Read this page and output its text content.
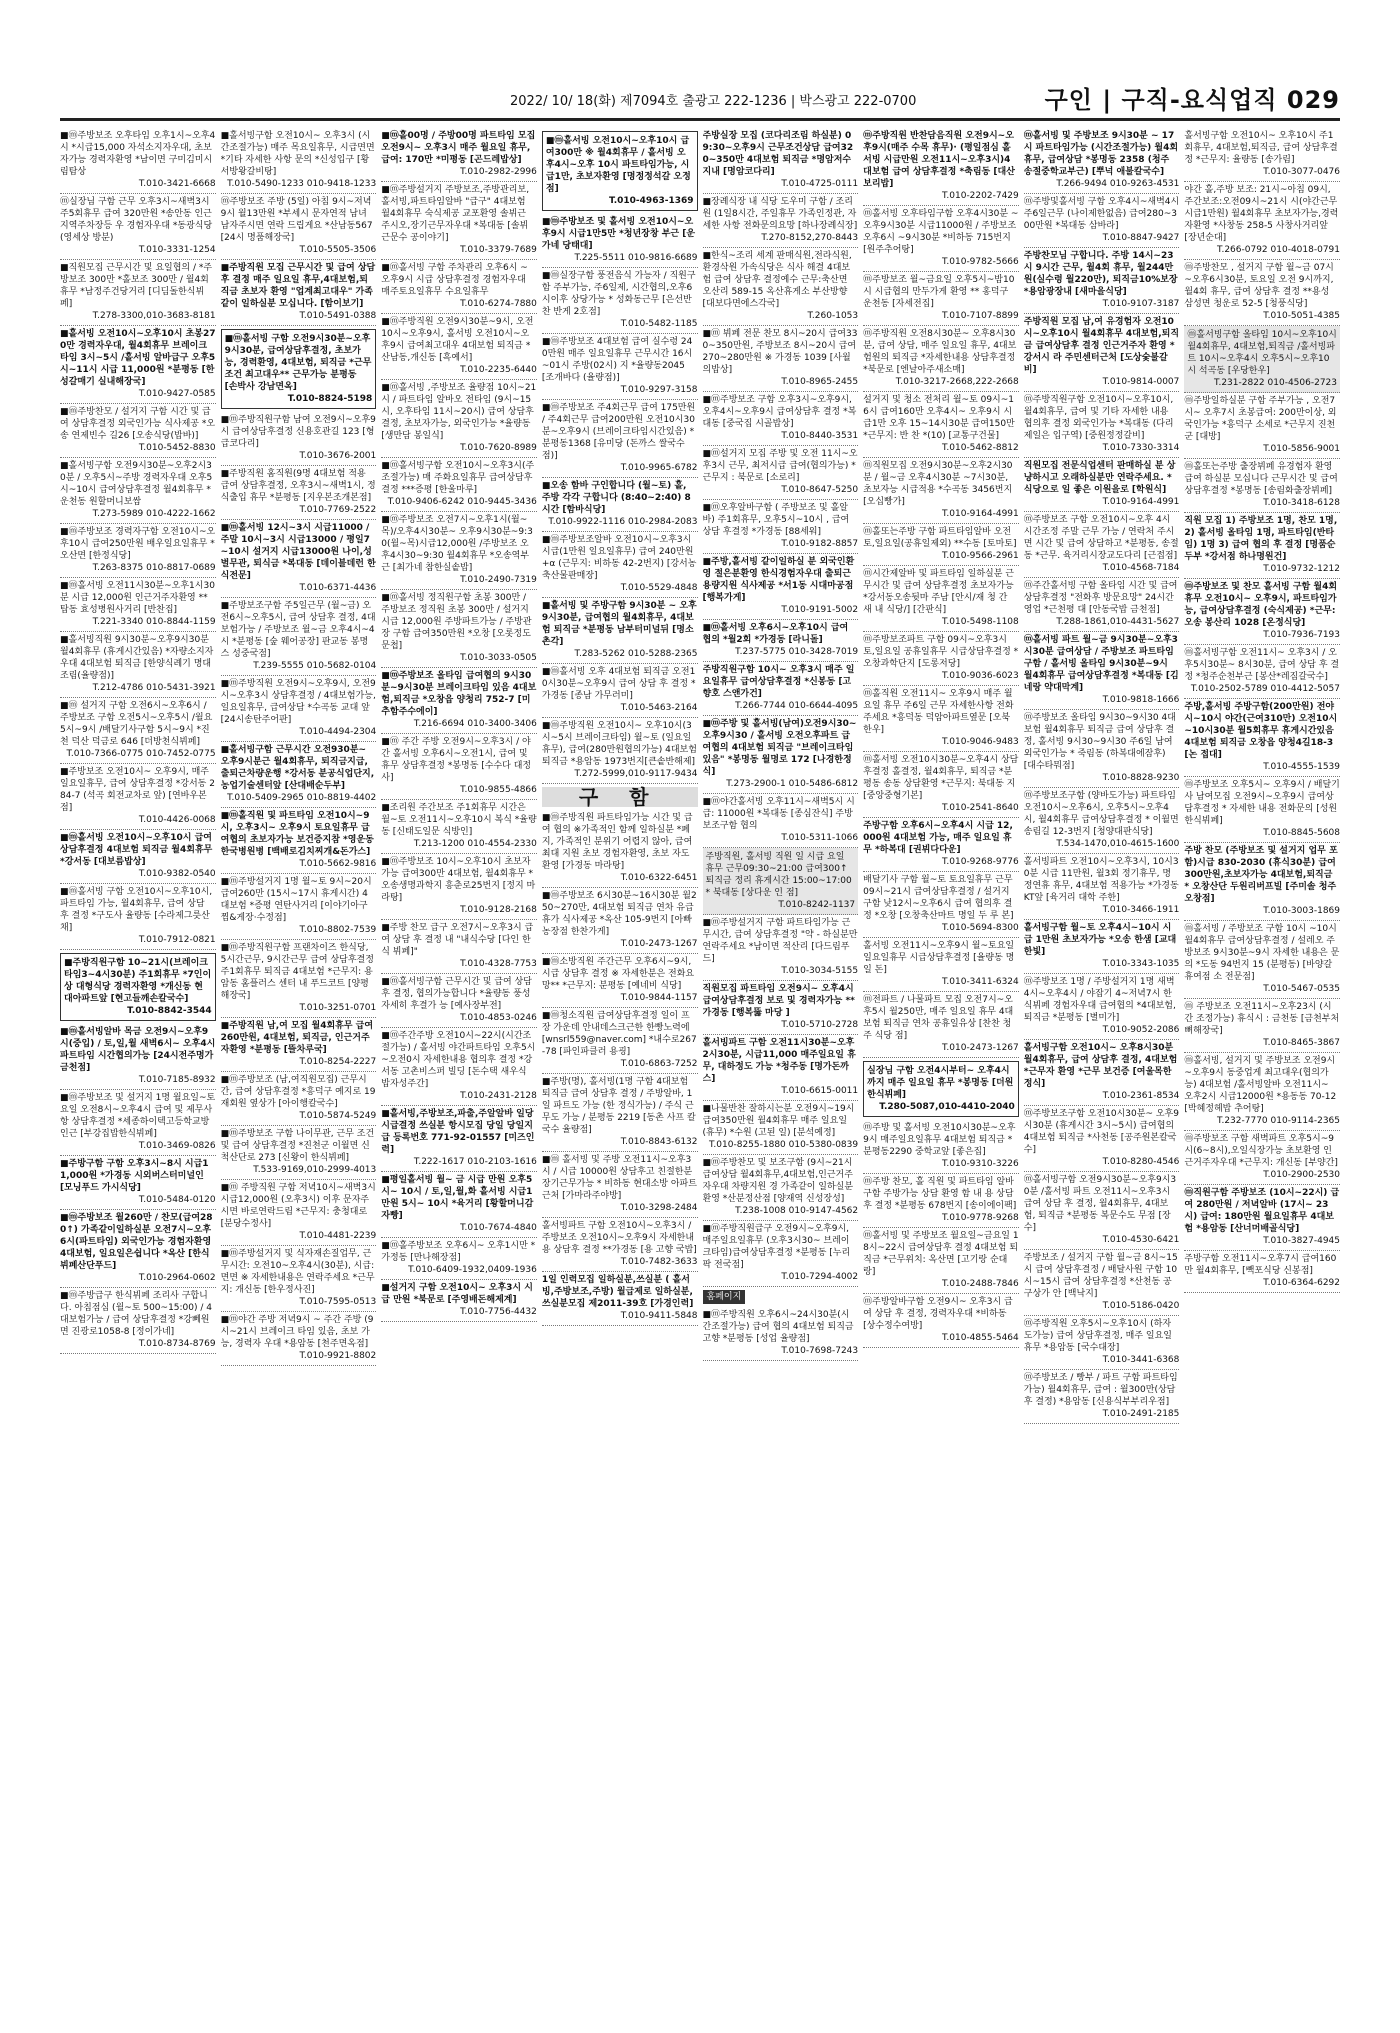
2022/ 10/ 18(화) 제7094호 출광고 222-1236 | 박스광고 222-0700	구인 | 구직-요식업직 029
■ⓜ주방보조 오후타임 오후1시~오후4시 *시급15,000 자석소지자우대, 초보자가능 경력자환영 *남이면 구미김미시림탐상
T.010-3421-6668
ⓜ실장님 구함 근무 오후3시~새벽3시 주5회휴무 급여 320만원 *송안동 인근지역주차장등 우 경험자우대 *동광식당 (영세상 방분)
T.010-3331-1254
■직원모집 근무시간 및 요일협의 / *주방보조 300만 *홀보조 300만 / 월4회휴무 *남정주건당거리 [디딤돌한식뷔페]
T.278-3300,010-3683-8181
■홀서빙 오전10시~오후10시 초봉270만 경력자우대, 월4회휴무 브레이크타임 3시~5시 /홀서빙 알바급구 오후5시~11시 시급 11,000원 *분평동 [한성갈매기 실내해장국]
T.010-9427-0585
■ⓜ주방찬모 / 설거지 구함 시간 및 급여 상담후결정 외국인가능 식사제공 *오송 연제빈수 길26 [오송식당(밥바)]
T.010-5452-8830
■홀서빙구함 오전9시30분~오후2시30분 / 오후5시~주방 경력자우대 오후5시~10시 급여상담후결정 월4회휴무 *운천동 원할머니보쌈
T.273-5989 010-4222-1662
■ⓜ주방보조 경력자구함 오전10시~오후10시 급여250만원 배우일요일휴무 *오산면 [한정식당]
T.263-8375 010-8817-0689
■ⓜ홀서빙 오전11시30분~오후1시30분 시급 12,000원 인근거주자환영 **탑동 효성병원사거리 [반찬집]
T.221-3340 010-8844-1159
■홀서빙직원 9시30분~오후9시30분 월4회휴무 (휴게시간있음) *자량소지자 우대 4대보험 퇴직금 [한양식례기 명대조림(율량점)]
T.212-4786 010-5431-3921
■ⓜ 설거지 구함 오전6시~오후6시 / 주방보조 구함 오전5시~오후5시 /월요 5시~9시 /배달기사구함 5시~9시 *진천 덕산 덕금로 646 [더방천식뷔페]
T.010-7366-0775 010-7452-0775
■주방보조 오전10시~ 오후9시, 매주 일요일휴무, 급여 상담후결정 *강서동 284-7 (석곡 회전교차로 앞) [연바우본점]
T.010-4426-0068
■ⓜ홀서빙 오전10시~오후10시 급여상담후결정 4대보험 퇴직금 월4회휴무 *강서동 [대보름밥상]
T.010-9382-0540
■ⓜ홀서빙 구함 오전10시~오후10시, 파트타임 가능, 월4회휴무, 급여 상담 후 결정 *구도사 율량동 [수라제그릇산채]
T.010-7912-0821
■주방직원구함 10~21시(브레이크타임3~4시30분) 주1회휴무 *7인이상 대형식당 경력자환영 *개신동 현대아파트앞 [현고들깨손칼국수]
T.010-8842-3544
■ⓜ홀서빙알바 목금 오전9시~오후9시(중입) / 토,일,월 새벽6시~ 오후4시 파트타임 시간협의가능 [24시전주명가 금천점]
T.010-7185-8932
■ⓜ주방보조 및 설거지 1명 월요일~토요일 오전8시~오후4시 급여 및 제무사항 상담후결정 *세종하이텍고등학교방 인근 [부강집밥한식뷔페]
T.010-3469-0826
■주방구함 구함 오후3시~8시 시급11,000원 *가경동 시외버스터미널인 [모닝푸드 가시식당]
T.010-5484-0120
■ⓜ주방보조 월260만 / 찬모(급여280↑) 가족같이일하실분 오전7시~오후6시(파트타임) 외국인가능 경험자환영 4대보험, 일요일은쉽니다 *옥산 [한식뷔페산단푸드]
T.010-2964-0602
■ⓜ주방급구 한식뷔페 조리사 구합니다. 아침점심 (월~토 500~15:00) / 4대보험가능 / 급여 상담후결정 *강뻬원면 진광로1058-8 [정이가네]
T.010-8734-8769
■홀서빙구함 오전10시~ 오후3시 (시간조절가능) 매주 목요일휴무, 시급면면 *기타 자세한 사항 문의 *신성입구 [황서방왕갈비탕]
T.010-5490-1233 010-9418-1233
ⓜ주방보조 주방 (5일) 아침 9시~저녁9시 월13만원 *부세시 문자연적 남녀 남자주시면 연락 드립게요 *산남동567 [24시 명품해장국]
T.010-5505-3506
■주방직원 모집 근무시간 및 급여 상담후 결정 매주 일요일 휴무,4대보험,퇴직금 초보자 환영 "업계최고대우" 가족같이 일하실분 모십니다. [함이보기]
T.010-5491-0388
■ⓜ홀서빙 구함 오전9시30분~오후9시30분, 급여상담후결정, 초보가능, 경력환영, 4대보험, 퇴직금 *근무조건 최고대우** 근무가능 분평동 [손박사 강남면옥]
T.010-8824-5198
■ⓜ주방직원구함 남여 오전9시~오후9시 급여상담후결정 신용호관길 123 [형급코다리]
T.010-3676-2001
■주방직원 홈직원(9명 4대보험 적용 급여 상담후결정, 오후3시~새벽1시, 정식출입 휴무 *분평동 [지우본조개본점]
T.010-7769-2522
■ⓜ홀서빙 12시~3시 시급11000 / 주말 10시~3시 시급13000 / 평일7~10시 설거지 시급13000원 나이,성별무관, 퇴식금 *복대동 [데이블데런 한식전문]
T.010-6371-4436
■주방보조구함 주5일근무 (월~금) 오전6시~오후5시, 급여 상담후 결정, 4대보험가능 / 주방보조 월~금 오후4시~4시 *분평동 [숲 웨어공장] 판교동 봉명스 성중국점]
T.239-5555 010-5682-0104
■ⓜ주방직원 오전9시~오후9시, 오전9시~오후3시 상담후결정 / 4대보험가능, 일요일휴무, 급여상담 *수곡동 교대 앞 [24시송탄주어판]
T.010-4494-2304
■홀서빙구함 근무시간 오전930분~ 오후9시분근 월4회휴무, 퇴직금지급, 출퇴근차량운행 *강서동 분공식업단지, 농업기술센터앞 [산대배순두부]
T.010-5409-2965 010-8819-4402
■ⓜ홀직원 및 파트타임 오전10시~9시, 오후3시~ 오후9시 토요일휴무 급여협의 초보자가능 보건증지참 *영운동 한국병원병 [백배로김치찌개&돈가스]
T.010-5662-9816
■ⓜ주방설거지 1명 월~토 9시~20시 급여260만 (15시~17시 휴게시간) 4대보험 *증평 연탄사거리 [이야기아구찜&게장·수정점]
T.010-8802-7539
■ⓜ주방직원구함 프랜차이즈 한식당, 5시간근무, 9시간근무 급여 상담후결정 주1회휴무 퇴직금 4대보험 *근무지: 용암동 홈플러스 센터 내 푸드코트 [양평해장국]
T.010-3251-0701
■주방직원 남,여 모집 월4회휴무 급여 260만원, 4대보험, 퇴직금, 인근거주자환영 *분평동 [뜰차루국]
T.010-8254-2227
■ⓜ주방보조 (남,여직원모집) 근무시간, 급여 상담후결정 *흥덕구 예지로 19 재회원 옆상가 [아이행칼국수]
T.010-5874-5249
■ⓜ주방보조 구함 나이무관, 근무 조건 및 급여 상담후결정 *진천군 이월면 신척산단로 273 [신왕이 한식뷔페]
T.533-9169,010-2999-4013
■ⓜ 주방직원 구함 저녁10시~새벽3시 시급12,000원 (오후3시) 이후 문자주시면 바로연락드림 *근무지: 충청대로 [분당수정사]
T.010-4481-2239
■ⓜ주방설거지 및 식자재손질업무, 근무시간: 오전10~오후4시(30분), 시급: 면면 ※ 자세한내용은 연락주세요 *근무지: 개신동 [한우정사진]
T.010-7595-0513
■ⓜ야간 주방 저녁9시 ~ 주간 주방 (9시~21시 브레이크 타임 있음, 초보 가능, 경력자 우대 *용암동 [천주면옥점]
T.010-9921-8802
■ⓜ홀00명 / 주방00명 파트타임 모집 오전9시~ 오후3시 매주 월요일 휴무, 급여: 170만 *미평동 [곤드레밥상]
T.010-2982-2996
■ⓜ주방설거지 주방보조,주방관리보,홀서빙,파트타임알바 "급구" 4대보험 월4회휴무 숙식제공 교포환영 솔뷔근 주시오,장기근무자우대 *복대동 [솔뷔근문수 공이야기]
T.010-3379-7689
■ⓜ홀서빙 구함 주차관리 오후6시 ~ 오후9시 시급 상담후결정 경험자우대 매주토요일휴무 수요일휴무
T.010-6274-7880
■ⓜ주방직원 오전9시30분~9시, 오전10시~오후9시, 홀서빙 오전10시~오후9시 급여최고대우 4대보험 퇴직금 *산남동,개신동 [흑예서]
T.010-2235-6440
■ⓜ홀서빙 ,주방보조 율량점 10시~21시 / 파트타임 알바오 전타임 (9시~15시, 오후타임 11시~20시) 급여 상담후결정, 초보자가능, 외국인가능 *율량동 [생만담 봉일식]
T.010-7620-8989
■ⓜ홀서빙구함 오전10시~오후3시(주조절가능) 매 주화요일휴무 급여상담후결정 ***증평 [한울마루]
T.010-9406-6242 010-9445-3436
■ⓜ주방보조 오전7시~오후1시(월~목)/오후4시30분~ 오후9시30분~9:30(월~목)시급12,000원 /주방보조 오후4시30~9:30 월4회휴무 *오송역부근 [최가네 참한실솥밥]
T.010-2490-7319
■ⓜ홀서빙 정직원구함 초봉 300만 / 주방보조 정직원 초봉 300만 / 설거지 시급 12,000원 주방파트가능 / 주방관장 구함 급여350만원 *오창 [오롯정도문첩]
T.010-3033-0505
■ⓜ주방보조 올타임 급여협의 9시30분~9시30분 브레이크타임 있음 4대보험,퇴직금 *오창읍 양청리 752-7 [미추함주수에이]
T.216-6694 010-3400-3406
■ⓜ 주간 주방 오전9시~오후3시 / 야간 홀서빙 오후6시~오전1시, 급여 및 휴무 상담후결정 *봉명동 [수수다 대정사]
T.010-9855-4866
■조리원 주간보조 주1회휴무 시간은 월~토 오전11시~오후10시 복식 *율량동 [신태도일문 식방인]
T.213-1200 010-4554-2330
■ⓜ주방보조 10시~오후10시 초보자가능 급여300만 4대보험, 월4회휴무 *오송생명과학지 흥춘로25번지 [정지 마라탕]
T.010-9128-2168
■주방 찬모 급구 오전7시~오후3시 급여 상담 후 결정 내 "내식수당 [다인 한식 뷔페]"
T.010-4328-7753
■ⓜ홀서빙구함 근무시간 및 급여 상담후 결정, 협의가능합니다 *율량동 풍성 자세히 후결가 능 [예사장부전]
T.010-4853-0246
■ⓜ주간주방 오전10시~22시(시간조절가능) / 홀서빙 야간파트타임 오후5시~오전0시 자세한내용 협의후 결정 *강서동 고촌비스퍼 빌딩 [돈수택 새우식 밥자성주간]
T.010-2431-2128
■홀서빙,주방보조,파출,주알알바 일당 시급결정 쓰실분 항시모집 당일 당일지급 등록번호 771-92-01557 [미즈인력]
T.222-1617 010-2103-1616
■평일홀서빙 월~ 금 시급 만원 오후5시~ 10시 / 토,일,월,화 홀서빙 시급1만원 5시~ 10시 *육거리 [황할머니감자빵]
T.010-7674-4840
■ⓜ홀주방보조 오후6시~ 오후1시만 *가정동 [만나해장점]
T.010-6409-1932,0409-1936
■설거지 구함 오전10시~ 오후3시 시급 만원 *북문로 [주영배돈해제계]
T.010-7756-4432
■ⓜ홀서빙 오전10시~오후10시 급여300만 ※ 월4회휴무 / 홀서빙 오후4시~오후 10시 파트타임가능, 시급1만, 초보자환영 [명정정석갈 오정점]
T.010-4963-1369
■ⓜ주방보조 및 홀서빙 오전10시~오후9시 시급1만5만 *청년장창 부근 [운가네 당태대]
T.225-5511 010-9816-6689
■ⓜ실장구함 풍전음식 가능자 / 직원구함 주부가능, 주6일제, 시간협의,오후6시이후 상당가능 * 성화동근무 [은선반찬 반게 2호점]
T.010-5482-1185
■ⓜ주방보조 4대보험 급여 실수령 240만원 매주 일요일휴무 근무시간 16시~01시 주방(02시) 지 *율량동2045 [조개바다 (율량점)]
T.010-9297-3158
■ⓜ주방보조 주4회근무 급여 175만원 / 주4회근무 급여200만원 오전10시30분~오후9시 (브레이크타임시간있음) *분평동1368 [유미당 (돈까스 쌀국수점)]
T.010-9965-6782
■오송 함바 구인합니다 (월~토) 홀, 주방 각각 구합니다 (8:40~2:40) 8시간 [함바식당]
T.010-9922-1116 010-2984-2083
■ⓜ주방보조알바 오전10시~오후3시 시급(1만원 일요일휴무) 급여 240만원 +α (근무지: 비하동 42-2번지) [강서농축산물판매장]
T.010-5529-4848
■홀서빙 및 주방구함 9시30분 ~ 오후9시30분, 급여협의 월4회휴무, 4대보험 퇴직금 *분평동 남부터미널뒤 [명소촌각]
T.283-5262 010-5288-2365
■ⓜ홀서빙 오후 4대보험 퇴직금 오전10시30분~오후9시 급여 상담 후 결정 *가경동 [종남 가무러미]
T.010-5463-2164
■ⓜ주방직원 오전10시~ 오후10시(3시~5시 브레이크타임) 월~토 (일요일휴무), 급여(280만원협의가능) 4대보험 퇴직금 *용암동 1973번지[큰솥반해제]
T.272-5999,010-9117-9434
구 함
■ⓜ주방직원 파트타임가능 시간 및 급여 협의 ※가족적인 함께 일하실분 *폐지, 가족적인 분위기 어렵지 않아, 급여 최대 지원 초보 경험자환영, 초보 자도 환영 [가경동 마라탕]
T.010-6322-6451
■ⓜ주방보조 6시30분~16시30분 월250~270만, 4대보험 퇴직금 연차 유급휴가 식사제공 *옥산 105-9번지 [아빠 농장점 한찬가게]
T.010-2473-1267
■ⓜ소방직원 주간근무 오후6시~9시, 시급 상담후 결정 ※ 자세한분은 전화요망** *근무지: 분평동 [예네비 식당]
T.010-9844-1157
■ⓜ청소직원 급여상담후결정 일이 프장 가운데 안내데스크근한 한빵노력에 [wnsrl559@naver.com] *내수로267-78 [파인파클러 용굉]
T.010-6863-7252
■주방(명), 홀서빙(1명 구함 4대보험 퇴직금 급여 상담후 결정 / 주방알바, 1일 파트도 가능 (한 정식가능) / 주식 근무도 가능 / 분평동 2219 [동촌 사프 칼국수 율량점]
T.010-8843-6132
■ⓜ 홀서빙 및 주방 오전11시~오후3시 / 시급 10000원 상담후고 친절한분 장기근무가능 * 비하동 현대소방 아파트 근처 [가마라주야방]
T.010-3298-2484
홀서빙파트 구함 오전10시~오후3시 / 주방보조 오전10시~오후9시 자세한내용 상담후 결정 **가경동 [용 고향 국밥]
T.010-7482-3633
1일 인력모집 일하실분,쓰실분 ( 홀서빙,주방보조,주방) 월급제로 일하실분, 쓰실분모집 제2011-39호 [가경인력]
T.010-9411-5848
주방실장 모집 (코다리조림 하실분) 09:30~오후9시 근무조건상담 급여320~350만 4대보험 퇴직금 *명암저수지내 [명암코다리]
T.010-4725-0111
■장례식장 내 식당 도우미 구함 / 조리원 (1일8시간, 주일휴무 가족인정관, 자세한 사항 전화문의요망 [하나장례식장]
T.270-8152,270-8443
■한식~조리 세계 판매식원,전라식원,환경삭원 가속식당은 식사 해결 4대보험 급여 상담후 결정예수 근무:축산면 오산리 589-15 옥산휴게소 부산방향 [대보다면에스각국]
T.260-1053
■ⓜ 뷔페 전문 찬모 8시~20시 급여330~350만원, 주방보조 8시~20시 급여270~280만원 ※ 가경동 1039 [사월의밥상]
T.010-8965-2455
■ⓜ주방보조 구함 오후3시~오후9시, 오후4시~오후9시 급여상담후 결정 *복대동 [중국집 시골밥상]
T.010-8440-3531
■ⓜ설거지 모집 주방 및 오전 11시~오후3시 근무, 최저시급 급여(협의가능) * 근무지 : 북문로 [소로리]
T.010-8647-5250
■ⓜ오후알바구함 ( 주방보조 및 홀알바) 주1회휴무, 오후5시~10시 , 급여 상담 후결정 *가경동 [88세워]
T.010-9182-8857
■주방,홀서빙 같이일하실 분 외국인환영 절은분환영 한식경험자우대 출퇴근용량지원 식사제공 *서1동 시대마공점 [행복가게]
T.010-9191-5002
■ⓜ홀서빙 오후6시~오후10시 급여 협의 *월2회 *가경동 [라니돌]
T.237-5775 010-3428-7019
주방직원구함 10시~ 오후3시 매주 일요일휴무 급여상담후결정 *신봉동 [고향호 스앤가건]
T.266-7744 010-6644-4095
■ⓜ주방 및 홀서빙(남여)오전9시30~오후9시30 / 홀서빙 오전오후파트 급여협의 4대보험 퇴직금 "브레이크타임 있음" *봉명동 월명로 172 [나경한정식]
T.273-2900-1 010-5486-6812
■ⓜ야간홀서빙 오후11시~새벽5시 시급: 11000원 *복대동 [종심잔식] 주방보조구함 협의
T.010-5311-1066
주방직원, 홀서빙 직원 일 시급 요일 휴무 근무09:30~21:00 급여300↑ 퇴직금 정리 휴게시간 15:00~17:00 * 북대동 [상다운 인 점]
T.010-8242-1137
■ⓜ주방설거지 구함 파트타임가능 근무시간, 급여 상담후결정 "약 - 하실분만 연락주세요 *남이면 적산리 [다드림푸드]
T.010-3034-5155
직원모집 파트타임 오전9시~ 오후4시 급여상담후결정 보로 및 경력자가능 **가경동 [행복뚫 마당 ]
T.010-5710-2728
홀서빙파트 구함 오전11시30분~오후2시30분, 시급11,000 매주일요일 휴무, 대하정도 가능 *청주동 [명가돈까스]
T.010-6615-0011
■나물반찬 잘하시는분 오전9시~19시 급여350만원 월4회휴무 매주 일요일 (휴무) *수원 (고된 일) [분석예정]
T.010-8255-1880 010-5380-0839
■ⓜ주방찬모 및 보조구함 (9시~21시 급여상담 월4회휴무,4대보험,인근거주자우대 차량지원 경 가족같이 일하실분 환영 *산분정산점 [양재역 신성장성]
T.238-1008 010-9147-4562
■ⓜ주방직원급구 오전9시~오후9시, 매주일요일휴무 (오후3시30~ 브레이크타임)급여상담후결정 *분평동 [누리팍 전국점]
T.010-7294-4002
홈페이지
■ⓜ주방직원 오후6시~24시30분(시간조절가능) 급여 협의 4대보험 퇴직금 고향 *분평동 [성업 율량점]
T.010-7698-7243
ⓜ주방직원 반찬담음직원 오전9시~오후9시(매주 수목 휴무)· (평일점심 홀서빙 시급만원 오전11시~오후3시)4대보험 급여 상담후결정 *축림동 [대산보리밥]
T.010-2202-7429
ⓜ홀서빙 오후타임구함 오후4시30분 ~ 오후9시30분 시급11000원 / 주방보조 오후6시 ~9시30분 *비하동 715번지 [원주추어탕]
T.010-9782-5666
ⓜ주방보조 월~금요일 오후5시~밤10시 시급협의 만두가게 환영 ** 홍덕구 운천동 [자세전집]
T.010-7107-8899
ⓜ주방직원 오전8시30분~ 오후8시30분, 급여 상담, 매주 일요일 휴무, 4대보험원의 퇴직금 *자세한내용 상담후결정 *북문로 [엔날아주새소매]
T.010-3217-2668,222-2668
설거지 및 청소 전처리 월~토 09시~16시 급여160만 오후4시~ 오후9시 시급1만 오후 15~14시30분 급여150만 *근무지: 반 찬 *(10) [교통구건물]
T.010-5462-8812
ⓜ직원모집 오전9시30분~오후2시30분 / 월~금 오후4시30분 ~7시30분, 초보자능 시급적용 *수곡동 3456번지 [오십빵가]
T.010-9164-4991
ⓜ홀또는주방 구함 파트타임알바 오전 토,일요일(공휴일제외) **수동 [토마토]
T.010-9566-2961
ⓜ시간제알바 및 파트타임 일하실분 근무시간 및 급여 상담후결정 초보자가능 *강서동오송뒷마 주남 [안시/재 청 간 새 내 식당/] [간판식]
T.010-5498-1108
ⓜ주방보조파트 구함 09시~오후3시 토,일요일 공휴일휴무 시급상담후결정 *오창과학단지 [도롱저당]
T.010-9036-6023
ⓜ홀직원 오전11시~ 오후9시 매주 월요일 휴무 주6일 근무 자세한사항 전화주세요 *흥덕동 덕암아파트옆문 [오북한우]
T.010-9046-9483
ⓜ홀서빙 오전10시30분~오후4시 상담후결정 홀결정, 월4회휴무, 퇴직금 *분평동 송동 상담환영 *근무지: 북대동 지 [중앙중형기본]
T.010-2541-8640
주방구함 오후6시~오후4시 시급 12,000원 4대보험 가능, 매주 일요일 휴무 *하복대 [권뷔다다운]
T.010-9268-9776
배달기사 구함 월~토 토요일휴무 근무 09시~21시 급여상담후결정 / 설거지 구함 낮12시~오후6시 급여 협의후 결정 *오창 [오창축산마트 명일 두 루 본]
T.010-5694-8300
홀서빙 오전11시~오후9시 월~토요일 일요일휴무 시급상담후결정 [율량동 명일 돈]
T.010-3411-6324
ⓜ전파트 / 나물파트 모집 오전7시~오후5시 월250만, 매주 일요일 휴무 4대보험 퇴직금 연차 공휴일유상 [찬찬 청주 식당 점]
T.010-2473-1267
실장님 구함 오전4시부터~ 오후4시까지 매주 일요일 휴무 *봉명동 [더원 한식뷔페]
T.280-5087,010-4410-2040
ⓜ주방 및 홀서빙 오전10시30분~오후9시 매주일요일휴무 4대보험 퇴직금 *분평동2290 중학교앞 [좋은집]
T.010-9310-3226
ⓜ주방 찬모, 홀 직원 및 파트타임 알바 구함 주방가능 상담 환영 함 내 용 상담 후 결정 *분평동 678번지 [송이에이팩]
T.010-9778-9268
ⓜ홀서빙 및 주방보조 월요일~금요일 18시~22시 급여상담후 결정 4대보험 퇴직금 *근무위치: 옥산면 [고기랑 순대랑]
T.010-2488-7846
ⓜ주방알바구함 오전9시~ 오후3시 급여 상담 후 결정, 경력자우대 *비하동 [상수정수여방]
T.010-4855-5464
ⓜ홀서빙 및 주방보조 9시30분 ~ 17시 파트타임가능 (시간조절가능) 월4회휴무, 급여상담 *봉명동 2358 (청주 송절중학교부근) [뿌넉 애불칼국수]
T.266-9494 010-9263-4531
ⓜ주방및홀서빙 구함 오후4시~새벽4시 주6일근무 (나이제한없음) 급여280~300만원 *복대동 삼바라]
T.010-8847-9427
주방찬모님 구합니다. 주방 14시~23시 9시간 근무, 월4회 휴무, 월244만원(실수령 월220만), 퇴직금10%보장 *용암광장내 [새마을식당]
T.010-9107-3187
주방직원 모집 남,여 유경험자 오전10시~오후10시 월4회휴무 4대보험,퇴직금 급여상담후 결정 인근거주자 환영 *강서시 라 주민센터근처 [도상숯불갈비]
T.010-9814-0007
ⓜ주방직원구함 오전10시~오후10시, 월4회휴무, 급여 및 기타 자세한 내용 협의후 결정 외국인가능 *복대동 (다리제일은 입구역) [중원정정갈비]
T.010-7330-3314
직원모집 전문식업센터 판매하실 분 상냥하시고 오래하실분만 연락주세요. *식당으로 일 좋은 이원을로 [학원식]
T.010-9164-4991
ⓜ주방보조 구함 오전10시~오후 4시 시간조정 주말 근무 가능 / 연락처 주시면 시간 및 급여 상담하고 *분평동, 송절동 *근무. 육거리시장교도다리 [근접점]
T.010-4568-7184
ⓜ주간홀서빙 구함 올타임 시간 및 급여상담후결정 "전화후 방문요망" 24시간영업 *근천평 대 [안동국밥 금천점]
T.288-1861,010-4431-5627
ⓜ홀서빙 파트 월~금 9시30분~오후3시30분 급여상담 / 주방보조 파트타임 구함 / 홀서빙 올타임 9시30분~9시 월4회휴무 급여상담후결정 *복대동 [김네랑 약대막계]
T.010-9818-1666
ⓜ주방보조 올타임 9시30~9시30 4대보험 월4회휴무 퇴직금 급여 상담후 결정, 홀서빙 9시30~9시30 주6일 남여외국인가능 * 죽림동 (하복대에잠후) [대수타뭐점]
T.010-8828-9230
ⓜ주방보조구함 (양바도가능) 파트타임 오전10시~오후6시, 오후5시~오후4시, 월4회휴무 급여상담후결정 * 이월면 송림길 12-3번지 [청양대판식당]
T.534-1470,010-4615-1600
홀서빙파트 오전10시~오후3시, 10시30분 시급 11만원, 월3회 정기휴무, 명정연휴 휴무, 4대보험 적용가능 *가경동 KT앞 [육거리 대학 주한]
T.010-3466-1911
홀서빙구함 월~토 오후4시~10시 시급 1만원 초보자가능 *오송 한샘 [교대한빛]
T.010-3343-1035
ⓜ주방보조 1명 / 주방설거지 1명 새벽4시~오후4시 / 야잡기 4~저녁7시 한식뷔페 경험자우대 급여협의 *4대보험,퇴직금 *분평동 [별미가]
T.010-9052-2086
홀서빙구함 오전10시~ 오후8시30분 월4회휴무, 급여 상담후 결정, 4대보험 *근무자 환영 *근무 보건증 [여울목한정식]
T.010-2361-8534
ⓜ주방보조구함 오전10시30분~ 오후9시30분 (휴게시간 3시~5시) 급여협의 4대보험 퇴직금 *사천동 [공주원본칼국수]
T.010-8280-4546
ⓜ홀서빙구함 오전9시30분~오후9시30분 /홀서빙 파트 오전11시~오후3시 급여 상담 후 결정, 월4회휴무, 4대보험, 퇴직금 *분평동 복문수도 무점 [장수]
T.010-4530-6421
주방보조 / 설거지 구함 월~금 8시~15시 급여 상담후결정 / 배달사원 구함 10시~15시 급여 상담후결정 *산천동 공구상가 안 [백낙지]
T.010-5186-0420
ⓜ주방직원 오후5시~오후10시 (하자도가능) 급여 상담후결정, 매주 일요일 휴무 *용암동 [국수대장]
T.010-3441-6368
ⓜ주방보조 / 빵부 / 파트 구함 파트타임 가능) 월4회휴무, 급여 : 월300만(상담후 결정) *용암동 [신용식부부리우점]
T.010-2491-2185
홀서빙구함 오전10시~ 오후10시 주1회휴무, 4대보험,퇴직금, 급여 상담후결정 *근무지: 율량동 [송가림]
T.010-3077-0476
야간 홀,주방 보조: 21시~아침 09시, 주간보조:오전09시~21시 시(야간근무시급1만원) 월4회휴무 초보자가능,경력자환영 *사창동 258-5 사창사거리앞 [장년순대]
T.266-0792 010-4018-0791
ⓜ주방찬모 , 설거지 구함 월~금 07시~오후6시30분, 토요일 오전 9시까지, 월4회 휴무, 급여 상담후 결정 **용성 삼성면 청운로 52-5 [청풍식당]
T.010-5051-4385
ⓜ홀서빙구함 올타임 10시~오후10시 월4회휴무, 4대보험,퇴직금 /홀서빙파트 10시~오후4시 오후5시~오후10시 석곡동 [우당한우]
T.231-2822 010-4506-2723
ⓜ주방일하실분 구함 주부가능 , 오전7시~ 오후7시 초봉급여: 200만이상, 외국인가능 *흥덕구 소세로 *근무지 진천군 [대방]
T.010-5856-9001
ⓜ홀또는주방 출장뷔페 유경험자 환영 급여 하실분 모십니다 근무시간 및 급여상담후결정 *봉명동 [송림화출장뷔페]
T.010-3418-6128
직원 모집 1) 주방보조 1명, 찬모 1명, 2) 홀서빙 올타임 1명, 파트타임(반타임) 1명 3) 급여 협의 후 결정 [명품순두부 *강서점 하나명원건]
T.010-9732-1212
ⓜ주방보조 및 찬모 홀서빙 구함 월4회휴무 오전10시~ 오후9시, 파트타임가능, 급여상담후결정 (숙식제공) *근무: 오송 봉산리 1028 [온정식당]
T.010-7936-7193
ⓜ홀서빙구함 오전11시~ 오후3시 / 오후5시30분~ 8시30분, 급여 상담 후 결정 *청주순천부근 [봉산*레짐갈국수]
T.010-2502-5789 010-4412-5057
주방,홀서빙 주방구함(200만원) 전야시~10시 야간(근여310만) 오전10시~10시30분 월5회휴무 휴게시간있음 4대보험 퇴직금 오창읍 양청4길18-3 [논 접대]
T.010-4555-1539
ⓜ주방보조 오후5시~ 오후9시 / 배달기사 남여모집 오전9시~오후9시 급여상담후결정 * 자세한 내용 전화문의 [성원한식뷔페]
T.010-8845-5608
주방 찬모 (주방보조 및 설거지 업무 포함)시급 830-2030 (휴식30분) 급여 300만원,초보자가능 4대보험,퇴직금 * 오창산단 두원리버프빌 [주미솔 청주오창점]
T.010-3003-1869
ⓜ홀서빙 / 주방보조 구함 10시 ~10시 월4회휴무 급여상담후결정 / 설레오 주방보조 9시30분~9시 자세한 내용은 문의 *도동 94번지 15 (분평동) [바양갈휴여점 소 전문점]
T.010-5467-0535
ⓜ 주방보조 오전11시~오후23시 (시간 조정가능) 휴식시 : 금천동 [금천부처뼈해장국]
T.010-8465-3867
ⓜ홀서빙, 설거지 및 주방보조 오전9시~오후9시 동중업게 최고대우(협의가능) 4대보험 /홀서빙알바 오전11시~ 오후2시 시급12000원 *용동동 70-12 [박혜정헤밥 추어탕]
T.232-7770 010-9114-2365
ⓜ주방보조 구함 새벽파트 오후5시~9시(6~8시),오일식장가능 초보환영 인근거주자우대 *근무지: 개신동 [부양간]
T.010-2900-2530
ⓜ직원구함 주방보조 (10시~22시) 급여 280만원 / 저녁알바 (17시~ 23시) 급여: 180만원 월요일휴무 4대보험 *용암동 [산너머배골식당]
T.010-3827-4945
주방구함 오전11시~오후7시 급여160만 월4회휴무, [빽포식당 신봉점]
T.010-6364-6292
